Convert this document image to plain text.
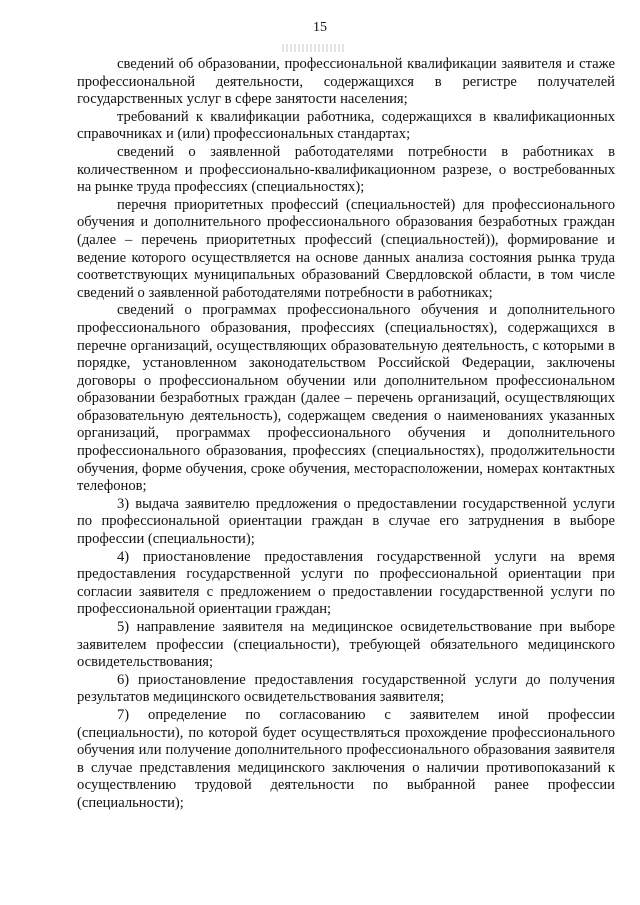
15

сведений об образовании, профессиональной квалификации заявителя и стаже профессиональной деятельности, содержащихся в регистре получателей государственных услуг в сфере занятости населения;

требований к квалификации работника, содержащихся в квалификационных справочниках и (или) профессиональных стандартах;

сведений о заявленной работодателями потребности в работниках в количественном и профессионально-квалификационном разрезе, о востребованных на рынке труда профессиях (специальностях);

перечня приоритетных профессий (специальностей) для профессионального обучения и дополнительного профессионального образования безработных граждан (далее – перечень приоритетных профессий (специальностей)), формирование и ведение которого осуществляется на основе данных анализа состояния рынка труда соответствующих муниципальных образований Свердловской области, в том числе сведений о заявленной работодателями потребности в работниках;

сведений о программах профессионального обучения и дополнительного профессионального образования, профессиях (специальностях), содержащихся в перечне организаций, осуществляющих образовательную деятельность, с которыми в порядке, установленном законодательством Российской Федерации, заключены договоры о профессиональном обучении или дополнительном профессиональном образовании безработных граждан (далее – перечень организаций, осуществляющих образовательную деятельность), содержащем сведения о наименованиях указанных организаций, программах профессионального обучения и дополнительного профессионального образования, профессиях (специальностях), продолжительности обучения, форме обучения, сроке обучения, месторасположении, номерах контактных телефонов;

3) выдача заявителю предложения о предоставлении государственной услуги по профессиональной ориентации граждан в случае его затруднения в выборе профессии (специальности);

4) приостановление предоставления государственной услуги на время предоставления государственной услуги по профессиональной ориентации при согласии заявителя с предложением о предоставлении государственной услуги по профессиональной ориентации граждан;

5) направление заявителя на медицинское освидетельствование при выборе заявителем профессии (специальности), требующей обязательного медицинского освидетельствования;

6) приостановление предоставления государственной услуги до получения результатов медицинского освидетельствования заявителя;

7) определение по согласованию с заявителем иной профессии (специальности), по которой будет осуществляться прохождение профессионального обучения или получение дополнительного профессионального образования заявителя в случае представления медицинского заключения о наличии противопоказаний к осуществлению трудовой деятельности по выбранной ранее профессии (специальности);
